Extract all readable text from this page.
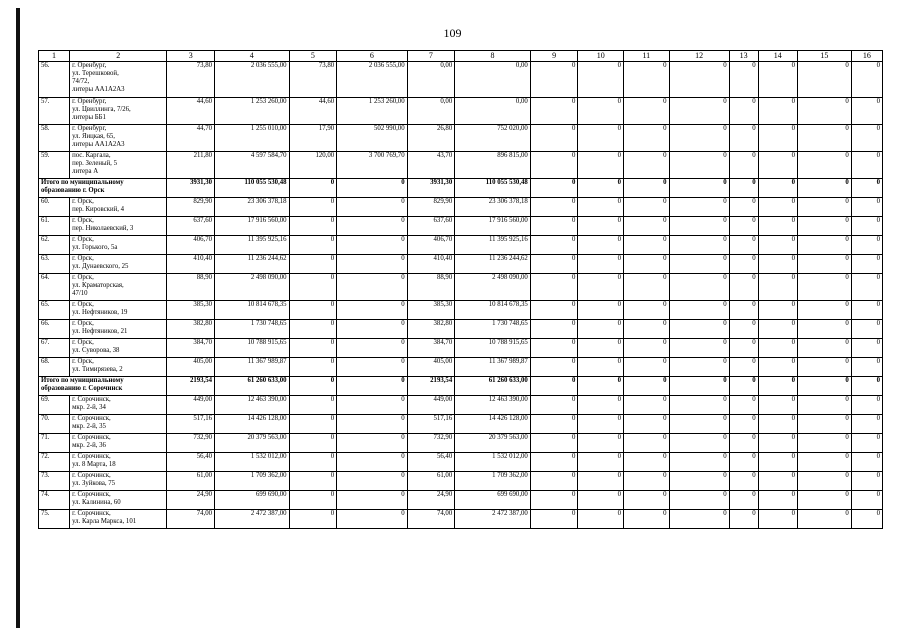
109
1	2	3	4	5	6	7	8	9	10	11	12	13	14	15	16
56.	г. Оренбург,
ул. Терешковой,
74/72,
литеры АА1А2А3	73,80	2 036 555,00	73,80	2 036 555,00	0,00	0,00	0	0	0	0	0	0	0	0
57.	г. Оренбург,
ул. Цвиллинга, 7/26,
литеры ББ1	44,60	1 253 260,00	44,60	1 253 260,00	0,00	0,00	0	0	0	0	0	0	0	0
58.	г. Оренбург,
ул. Яицкая, 65,
литеры АА1А2А3	44,70	1 255 010,00	17,90	502 990,00	26,80	752 020,00	0	0	0	0	0	0	0	0
59.	пос. Каргала,
пер. Зеленый, 5
литера А	211,80	4 597 584,70	120,00	3 700 769,70	43,70	896 815,00	0	0	0	0	0	0	0	0

Итого по муниципальному
образованию г. Орск		3931,30	110 055 530,48	0	0	3931,30	110 055 530,48	0	0	0	0	0	0	0	0
60.	г. Орск,
пер. Кировский, 4	829,90	23 306 378,18	0	0	829,90	23 306 378,18	0	0	0	0	0	0	0	0
61.	г. Орск,
пер. Николаевский, 3	637,60	17 916 560,00	0	0	637,60	17 916 560,00	0	0	0	0	0	0	0	0
62.	г. Орск,
ул. Горького, 5а	406,70	11 395 925,16	0	0	406,70	11 395 925,16	0	0	0	0	0	0	0	0
63.	г. Орск,
ул. Дунаевского, 25	410,40	11 236 244,62	0	0	410,40	11 236 244,62	0	0	0	0	0	0	0	0
64.	г. Орск,
ул. Краматорская,
47/10	88,90	2 498 090,00	0	0	88,90	2 498 090,00	0	0	0	0	0	0	0	0
65.	г. Орск,
ул. Нефтяников, 19	385,30	10 814 678,35	0	0	385,30	10 814 678,35	0	0	0	0	0	0	0	0
66.	г. Орск,
ул. Нефтяников, 21	382,80	1 730 748,65	0	0	382,80	1 730 748,65	0	0	0	0	0	0	0	0
67.	г. Орск,
ул. Суворова, 38	384,70	10 788 915,65	0	0	384,70	10 788 915,65	0	0	0	0	0	0	0	0
68.	г. Орск,
ул. Тимирязева, 2	405,00	11 367 989,87	0	0	405,00	11 367 989,87	0	0	0	0	0	0	0	0

Итого по муниципальному
образованию г. Сорочинск		2193,54	61 260 633,00	0	0	2193,54	61 260 633,00	0	0	0	0	0	0	0	0
69.	г. Сорочинск,
мкр. 2-й, 34	449,00	12 463 390,00	0	0	449,00	12 463 390,00	0	0	0	0	0	0	0	0
70.	г. Сорочинск,
мкр. 2-й, 35	517,16	14 426 128,00	0	0	517,16	14 426 128,00	0	0	0	0	0	0	0	0
71.	г. Сорочинск,
мкр. 2-й, 36	732,90	20 379 563,00	0	0	732,90	20 379 563,00	0	0	0	0	0	0	0	0
72.	г. Сорочинск,
ул. 8 Марта, 18	56,40	1 532 012,00	0	0	56,40	1 532 012,00	0	0	0	0	0	0	0	0
73.	г. Сорочинск,
ул. Зуйкова, 75	61,00	1 709 362,00	0	0	61,00	1 709 362,00	0	0	0	0	0	0	0	0
74.	г. Сорочинск,
ул. Калинина, 60	24,90	699 690,00	0	0	24,90	699 690,00	0	0	0	0	0	0	0	0
75.	г. Сорочинск,
ул. Карла Маркса, 101	74,00	2 472 387,00	0	0	74,00	2 472 387,00	0	0	0	0	0	0	0	0
